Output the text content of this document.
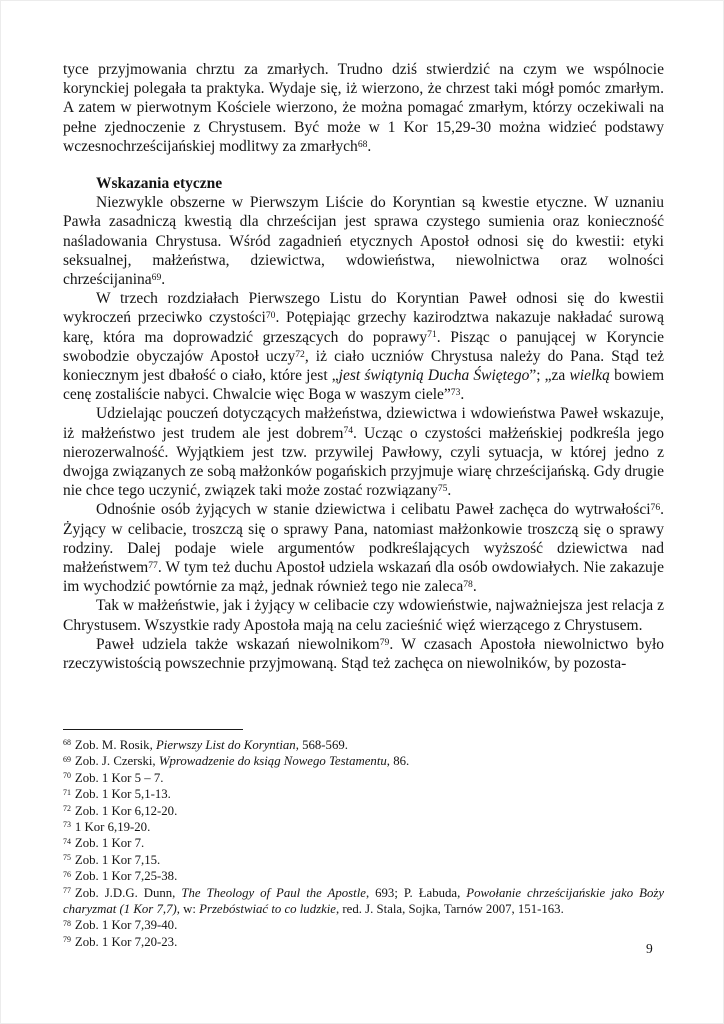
tyce przyjmowania chrztu za zmarłych. Trudno dziś stwierdzić na czym we wspólnocie korynckiej polegała ta praktyka. Wydaje się, iż wierzono, że chrzest taki mógł pomóc zmarłym. A zatem w pierwotnym Kościele wierzono, że można pomagać zmarłym, którzy oczekiwali na pełne zjednoczenie z Chrystusem. Być może w 1 Kor 15,29-30 można widzieć podstawy wczesnochrześcijańskiej modlitwy za zmarłych$^{68}$.

Wskazania etyczne

Niezwykle obszerne w Pierwszym Liście do Koryntian są kwestie etyczne. W uznaniu Pawła zasadniczą kwestią dla chrześcijan jest sprawa czystego sumienia oraz konieczność naśladowania Chrystusa. Wśród zagadnień etycznych Apostoł odnosi się do kwestii: etyki seksualnej, małżeństwa, dziewictwa, wdowieństwa, niewolnictwa oraz wolności chrześcijanina$^{69}$.

W trzech rozdziałach Pierwszego Listu do Koryntian Paweł odnosi się do kwestii wykroczeń przeciwko czystości$^{70}$. Potępiając grzechy kazirodztwa nakazuje nakładać surową karę, która ma doprowadzić grzeszących do poprawy$^{71}$. Pisząc o panującej w Koryncie swobodzie obyczajów Apostoł uczy$^{72}$, iż ciało uczniów Chrystusa należy do Pana. Stąd też koniecznym jest dbałość o ciało, które jest „jest świątynią Ducha Świętego”; „za wielką bowiem cenę zostaliście nabyci. Chwalcie więc Boga w waszym ciele”$^{73}$.

Udzielając pouczeń dotyczących małżeństwa, dziewictwa i wdowieństwa Paweł wskazuje, iż małżeństwo jest trudem ale jest dobrem$^{74}$. Ucząc o czystości małżeńskiej podkreśla jego nierozerwalność. Wyjątkiem jest tzw. przywilej Pawłowy, czyli sytuacja, w której jedno z dwojga związanych ze sobą małżonków pogańskich przyjmuje wiarę chrześcijańską. Gdy drugie nie chce tego uczynić, związek taki może zostać rozwiązany$^{75}$.

Odnośnie osób żyjących w stanie dziewictwa i celibatu Paweł zachęca do wytrwałości$^{76}$. Żyjący w celibacie, troszczą się o sprawy Pana, natomiast małżonkowie troszczą się o sprawy rodziny. Dalej podaje wiele argumentów podkreślających wyższość dziewictwa nad małżeństwem$^{77}$. W tym też duchu Apostoł udziela wskazań dla osób owdowiałych. Nie zakazuje im wychodzić powtórnie za mąż, jednak również tego nie zaleca$^{78}$.

Tak w małżeństwie, jak i żyjący w celibacie czy wdowieństwie, najważniejsza jest relacja z Chrystusem. Wszystkie rady Apostoła mają na celu zacieśnić więź wierzącego z Chrystusem.

Paweł udziela także wskazań niewolnikom$^{79}$. W czasach Apostoła niewolnictwo było rzeczywistością powszechnie przyjmowaną. Stąd też zachęca on niewolników, by pozosta-

$^{68}$ Zob. M. Rosik, Pierwszy List do Koryntian, 568-569.

$^{69}$ Zob. J. Czerski, Wprowadzenie do ksiąg Nowego Testamentu, 86.

$^{70}$ Zob. 1 Kor 5 – 7.

$^{71}$ Zob. 1 Kor 5,1-13.

$^{72}$ Zob. 1 Kor 6,12-20.

$^{73}$ 1 Kor 6,19-20.

$^{74}$ Zob. 1 Kor 7.

$^{75}$ Zob. 1 Kor 7,15.

$^{76}$ Zob. 1 Kor 7,25-38.

$^{77}$ Zob. J.D.G. Dunn, The Theology of Paul the Apostle, 693; P. Łabuda, Powołanie chrześcijańskie jako Boży charyzmat (1 Kor 7,7), w: Przebóstwiać to co ludzkie, red. J. Stala, Sojka, Tarnów 2007, 151-163.

$^{78}$ Zob. 1 Kor 7,39-40.

$^{79}$ Zob. 1 Kor 7,20-23.	9
